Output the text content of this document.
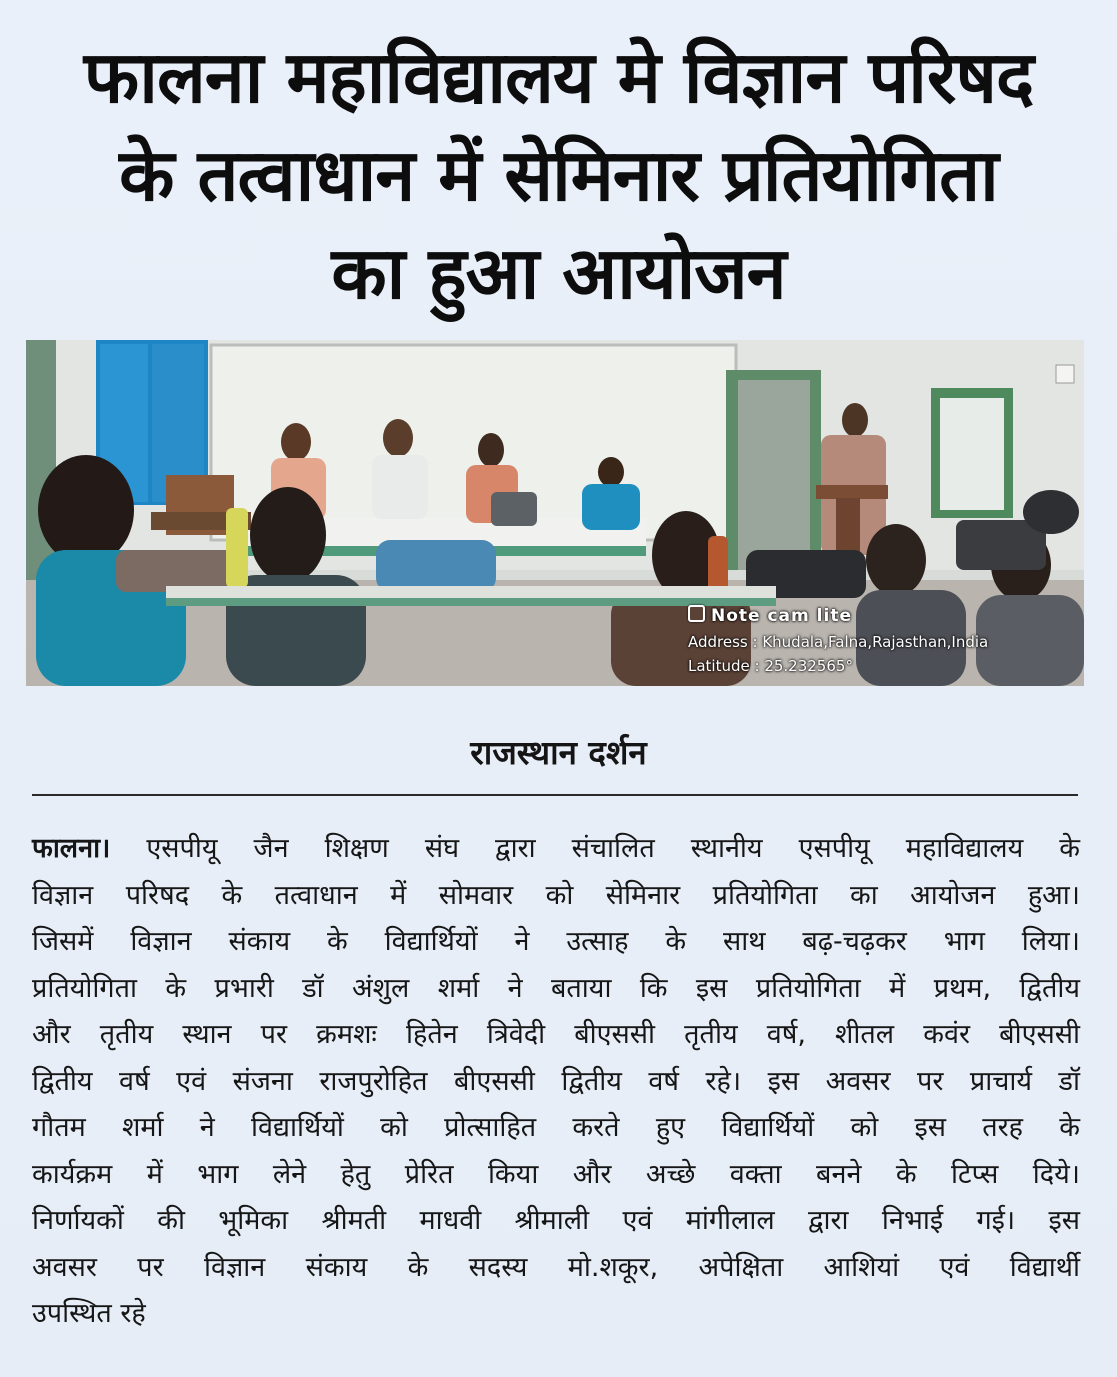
फालना महाविद्यालय मे विज्ञान परिषद
के तत्वाधान में सेमिनार प्रतियोगिता
का हुआ आयोजन
Note cam lite
Address : Khudala,Falna,Rajasthan,India
Latitude : 25.232565°
राजस्थान दर्शन

फालना। एसपीयू जैन शिक्षण संघ द्वारा संचालित स्थानीय एसपीयू महाविद्यालय के
विज्ञान परिषद के तत्वाधान में सोमवार को सेमिनार प्रतियोगिता का आयोजन हुआ।
जिसमें विज्ञान संकाय के विद्यार्थियों ने उत्साह के साथ बढ़-चढ़कर भाग लिया।
प्रतियोगिता के प्रभारी डॉ अंशुल शर्मा ने बताया कि इस प्रतियोगिता में प्रथम, द्वितीय
और तृतीय स्थान पर क्रमशः हितेन त्रिवेदी बीएससी तृतीय वर्ष, शीतल कवंर बीएससी
द्वितीय वर्ष एवं संजना राजपुरोहित बीएससी द्वितीय वर्ष रहे। इस अवसर पर प्राचार्य डॉ
गौतम शर्मा ने विद्यार्थियों को प्रोत्साहित करते हुए विद्यार्थियों को इस तरह के
कार्यक्रम में भाग लेने हेतु प्रेरित किया और अच्छे वक्ता बनने के टिप्स दिये।
निर्णायकों की भूमिका श्रीमती माधवी श्रीमाली एवं मांगीलाल द्वारा निभाई गई। इस
अवसर पर विज्ञान संकाय के सदस्य मो.शकूर, अपेक्षिता आशियां एवं विद्यार्थी
उपस्थित रहे
